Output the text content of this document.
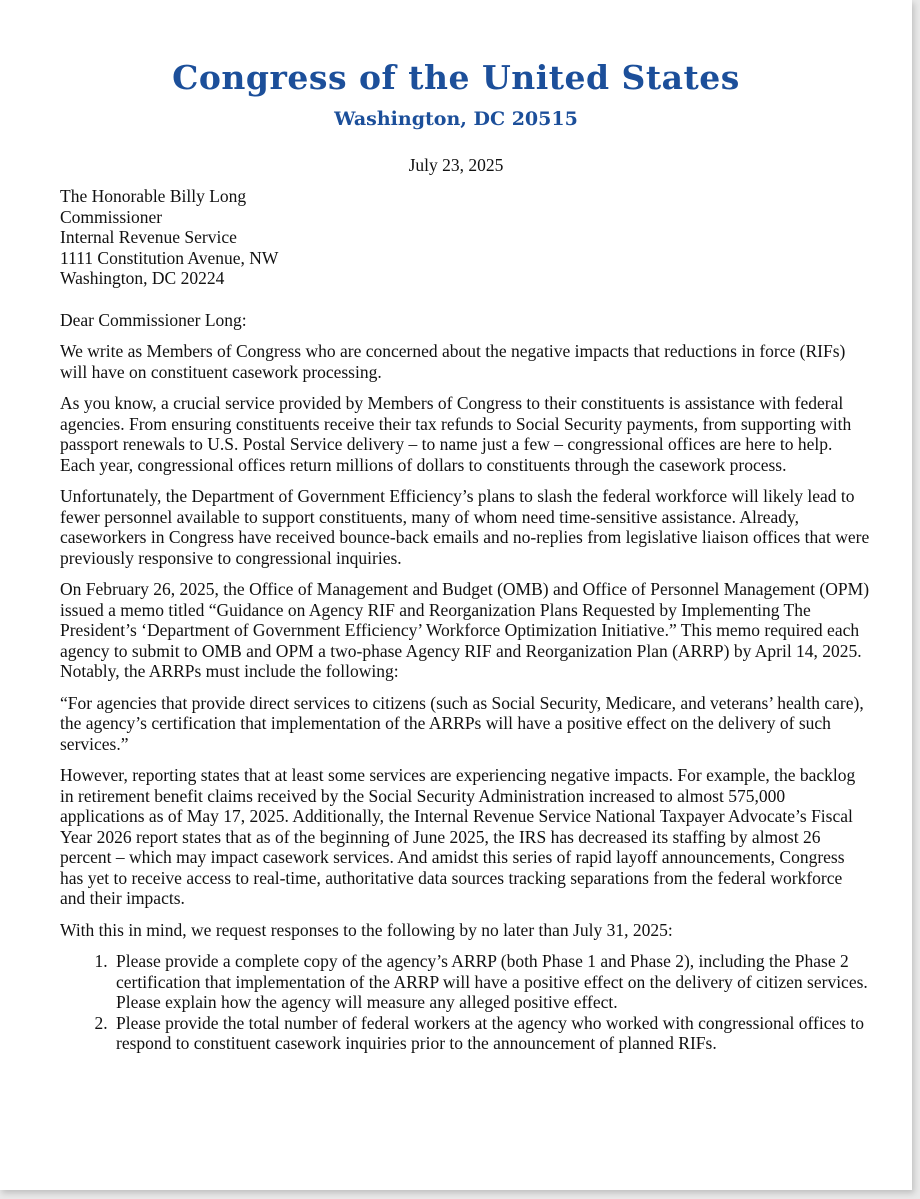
Congress of the United States
Washington, DC 20515
July 23, 2025
The Honorable Billy Long
Commissioner
Internal Revenue Service
1111 Constitution Avenue, NW
Washington, DC 20224
Dear Commissioner Long:

We write as Members of Congress who are concerned about the negative impacts that reductions in force (RIFs) will have on constituent casework processing.

As you know, a crucial service provided by Members of Congress to their constituents is assistance with federal agencies. From ensuring constituents receive their tax refunds to Social Security payments, from supporting with passport renewals to U.S. Postal Service delivery – to name just a few – congressional offices are here to help. Each year, congressional offices return millions of dollars to constituents through the casework process.

Unfortunately, the Department of Government Efficiency’s plans to slash the federal workforce will likely lead to fewer personnel available to support constituents, many of whom need time-sensitive assistance. Already, caseworkers in Congress have received bounce-back emails and no-replies from legislative liaison offices that were previously responsive to congressional inquiries.

On February 26, 2025, the Office of Management and Budget (OMB) and Office of Personnel Management (OPM) issued a memo titled “Guidance on Agency RIF and Reorganization Plans Requested by Implementing The President’s ‘Department of Government Efficiency’ Workforce Optimization Initiative.” This memo required each agency to submit to OMB and OPM a two-phase Agency RIF and Reorganization Plan (ARRP) by April 14, 2025. Notably, the ARRPs must include the following:

“For agencies that provide direct services to citizens (such as Social Security, Medicare, and veterans’ health care), the agency’s certification that implementation of the ARRPs will have a positive effect on the delivery of such services.”

However, reporting states that at least some services are experiencing negative impacts. For example, the backlog in retirement benefit claims received by the Social Security Administration increased to almost 575,000 applications as of May 17, 2025. Additionally, the Internal Revenue Service National Taxpayer Advocate’s Fiscal Year 2026 report states that as of the beginning of June 2025, the IRS has decreased its staffing by almost 26 percent – which may impact casework services. And amidst this series of rapid layoff announcements, Congress has yet to receive access to real-time, authoritative data sources tracking separations from the federal workforce and their impacts.

With this in mind, we request responses to the following by no later than July 31, 2025:

1. Please provide a complete copy of the agency’s ARRP (both Phase 1 and Phase 2), including the Phase 2 certification that implementation of the ARRP will have a positive effect on the delivery of citizen services. Please explain how the agency will measure any alleged positive effect.
2. Please provide the total number of federal workers at the agency who worked with congressional offices to respond to constituent casework inquiries prior to the announcement of planned RIFs.
